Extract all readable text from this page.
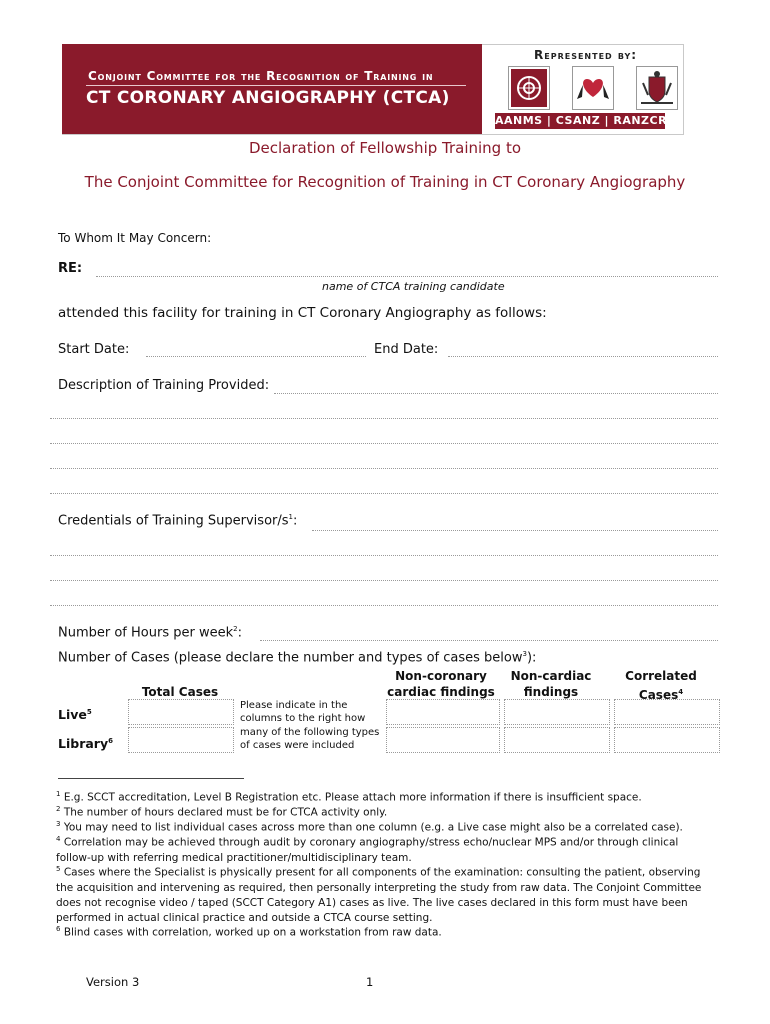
Conjoint Committee for the Recognition of Training in
CT CORONARY ANGIOGRAPHY (CTCA)
Represented by:
AANMS | CSANZ | RANZCR
Declaration of Fellowship Training to
The Conjoint Committee for Recognition of Training in CT Coronary Angiography
To Whom It May Concern:
RE:
name of CTCA training candidate
attended this facility for training in CT Coronary Angiography as follows:
Start Date:	End Date:
Description of Training Provided:
Credentials of Training Supervisor/$s^1$:
Number of Hours per week$^2$:
Number of Cases (please declare the number and types of cases below$^3$):
Total Cases
Non-coronary cardiac findings
Non-cardiac findings
Correlated Cases$^4$
Live$^5$
Library$^6$
Please indicate in the columns to the right how many of the following types of cases were included
$^1$ E.g. SCCT accreditation, Level B Registration etc. Please attach more information if there is insufficient space.
$^2$ The number of hours declared must be for CTCA activity only.
$^3$ You may need to list individual cases across more than one column (e.g. a Live case might also be a correlated case).
$^4$ Correlation may be achieved through audit by coronary angiography/stress echo/nuclear MPS and/or through clinical follow-up with referring medical practitioner/multidisciplinary team.
$^5$ Cases where the Specialist is physically present for all components of the examination: consulting the patient, observing the acquisition and intervening as required, then personally interpreting the study from raw data. The Conjoint Committee does not recognise video / taped (SCCT Category A1) cases as live. The live cases declared in this form must have been performed in actual clinical practice and outside a CTCA course setting.
$^6$ Blind cases with correlation, worked up on a workstation from raw data.
Version 3	1
